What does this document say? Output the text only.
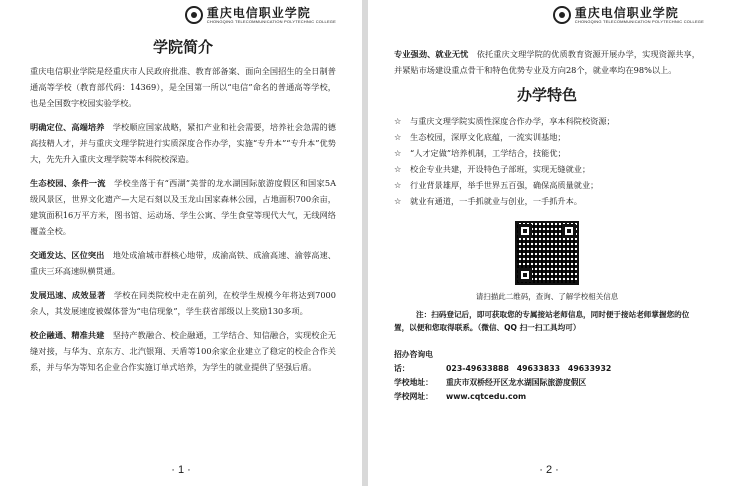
重庆电信职业学院
CHONGQING TELECOMMUNICATION POLYTECHNIC COLLEGE
学院简介

重庆电信职业学院是经重庆市人民政府批准、教育部备案、面向全国招生的全日制普通高等学校（教育部代码：14369），是全国第一所以“电信”命名的普通高等学校，也是全国数字校园实验学校。

明确定位、高端培养　 学校顺应国家战略，紧扣产业和社会需要，培养社会急需的德高技精人才，并与重庆文理学院进行实质深度合作办学，实施“专升本”“专升本”优势大，先先升入重庆文理学院等本科院校深造。

生态校园、条件一流　 学校坐落于有“西湖”美誉的龙水湖国际旅游度假区和国家5A级风景区，世界文化遗产—大足石刻以及玉龙山国家森林公园，占地面积700余亩，建筑面积16万平方米，图书馆、运动场、学生公寓、学生食堂等现代大气，无线网络覆盖全校。

交通发达、区位突出　 地处成渝城市群核心地带，成渝高铁、成渝高速、渝蓉高速、重庆三环高速纵横贯通。

发展迅速、成效显著　 学校在同类院校中走在前列，在校学生规模今年将达到7000余人，其发展速度被媒体誉为“电信现象”，学生获省部级以上奖励130多项。

校企融通、精准共建　 坚持产教融合、校企融通，工学结合、知信融合，实现校企无缝对接，与华为、京东方、北汽银翔、天盾等100余家企业建立了稳定的校企合作关系，并与华为等知名企业合作实施订单式培养，为学生的就业提供了坚强后盾。

· 1 ·
重庆电信职业学院
CHONGQING TELECOMMUNICATION POLYTECHNIC COLLEGE

专业强劲、就业无忧　 依托重庆文理学院的优质教育资源开展办学，实现资源共享，并紧贴市场建设重点骨干和特色优势专业及方向28个，就业率均在98%以上。

办学特色
☆	与重庆文理学院实质性深度合作办学，享本科院校资源；
☆	生态校园，深厚文化底蕴，一流实训基地；
☆	“人才定做”培养机制，工学结合，技能优；
☆	校企专业共建，开设特色子部班，实现无缝就业；
☆	行业背景雄厚，举手世界五百强，确保高质量就业；
☆	就业有通道，一手抓就业与创业，一手抓升本。

请扫描此二维码，查询、了解学校相关信息

注：扫码登记后，即可获取您的专属接站老师信息，同时便于接站老师掌握您的位置，以便和您取得联系。（微信、QQ 扫一扫工具均可）

招办咨询电话：	023-49633888　49633833　49633932

学校地址： 重庆市双桥经开区龙水湖国际旅游度假区

学校网址： www.cqtcedu.com

· 2 ·
